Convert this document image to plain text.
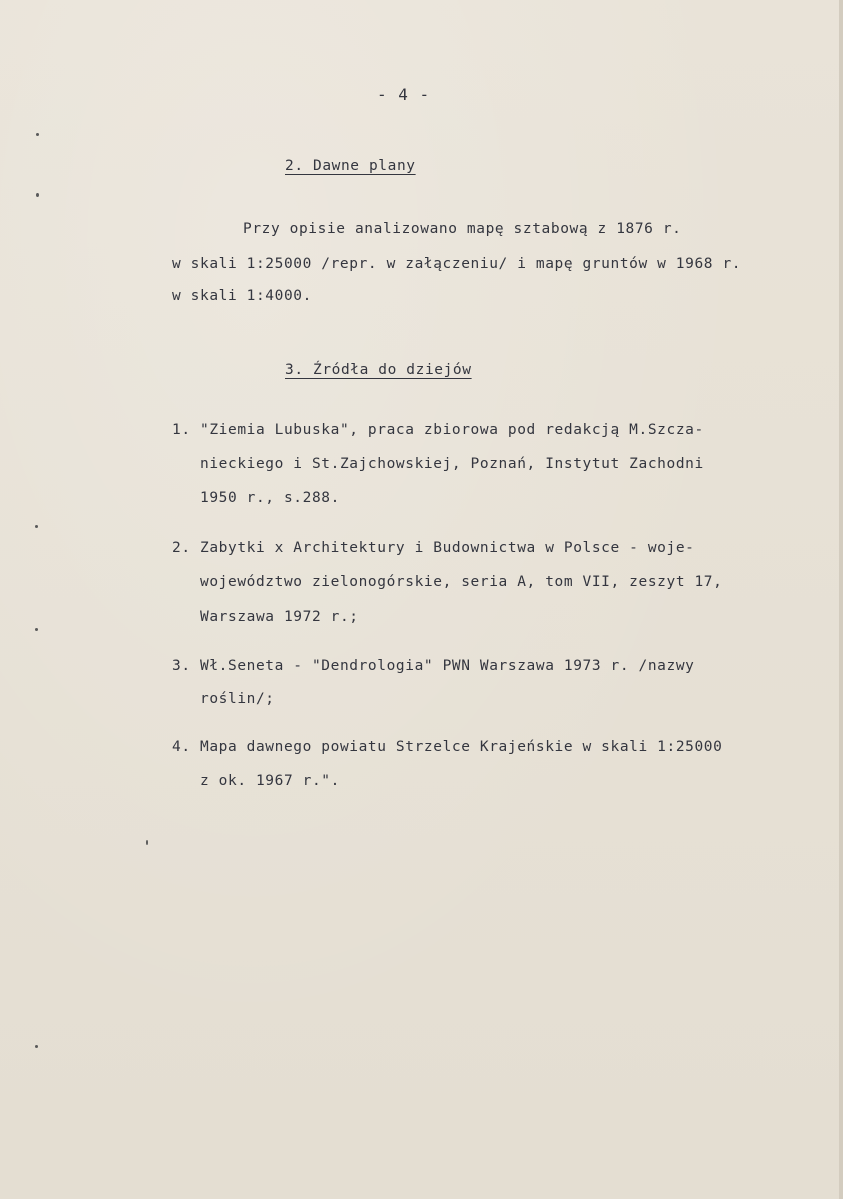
- 4 -
2. Dawne plany
Przy opisie analizowano mapę sztabową z 1876 r.
w skali 1:25000 /repr. w załączeniu/ i mapę gruntów w 1968 r.
w skali 1:4000.
3. Źródła do dziejów
1. "Ziemia Lubuska", praca zbiorowa pod redakcją M.Szcza-
nieckiego i St.Zajchowskiej, Poznań, Instytut Zachodni
1950 r., s.288.
2. Zabytki x Architektury i Budownictwa w Polsce - woje-
województwo zielonogórskie, seria A, tom VII, zeszyt 17,
Warszawa 1972 r.;
3. Wł.Seneta - "Dendrologia" PWN Warszawa 1973 r. /nazwy
roślin/;
4. Mapa dawnego powiatu Strzelce Krajeńskie w skali 1:25000
z ok. 1967 r.".
